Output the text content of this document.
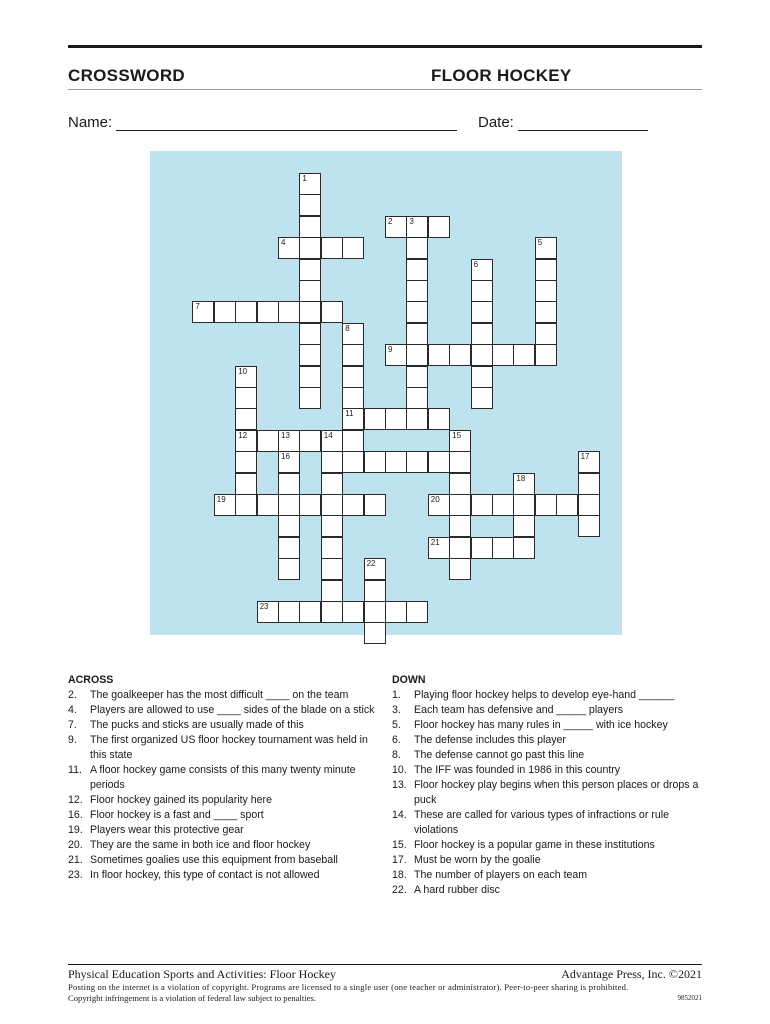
CROSSWORD	FLOOR HOCKEY
Name:	Date:
1
4
2 3
5
6
7
8
9
11
10
12	13	14
16
15
19	20
21
17
18
22
23
ACROSS
2.	The goalkeeper has the most difficult ____ on the team
4.	Players are allowed to use ____ sides of the blade on a stick
7.	The pucks and sticks are usually made of this
9.	The first organized US floor hockey tournament was held in this state
11. A floor hockey game consists of this many twenty minute periods
12. Floor hockey gained its popularity here
16. Floor hockey is a fast and ____ sport
19. Players wear this protective gear
20. They are the same in both ice and floor hockey
21. Sometimes goalies use this equipment from baseball
23. In floor hockey, this type of contact is not allowed
DOWN
1.	Playing floor hockey helps to develop eye-hand ______
3.	Each team has defensive and _____ players
5.	Floor hockey has many rules in _____ with ice hockey
6.	The defense includes this player
8.	The defense cannot go past this line
10. The IFF was founded in 1986 in this country
13. Floor hockey play begins when this person places or drops a puck
14. These are called for various types of infractions or rule violations
15. Floor hockey is a popular game in these institutions
17. Must be worn by the goalie
18. The number of players on each team
22. A hard rubber disc
Physical Education Sports and Activities: Floor Hockey	Advantage Press, Inc. ©2021
Posting on the internet is a violation of copyright. Programs are licensed to a single user (one teacher or administrator). Peer-to-peer sharing is prohibited.
Copyright infringement is a violation of federal law subject to penalties.	9852021
